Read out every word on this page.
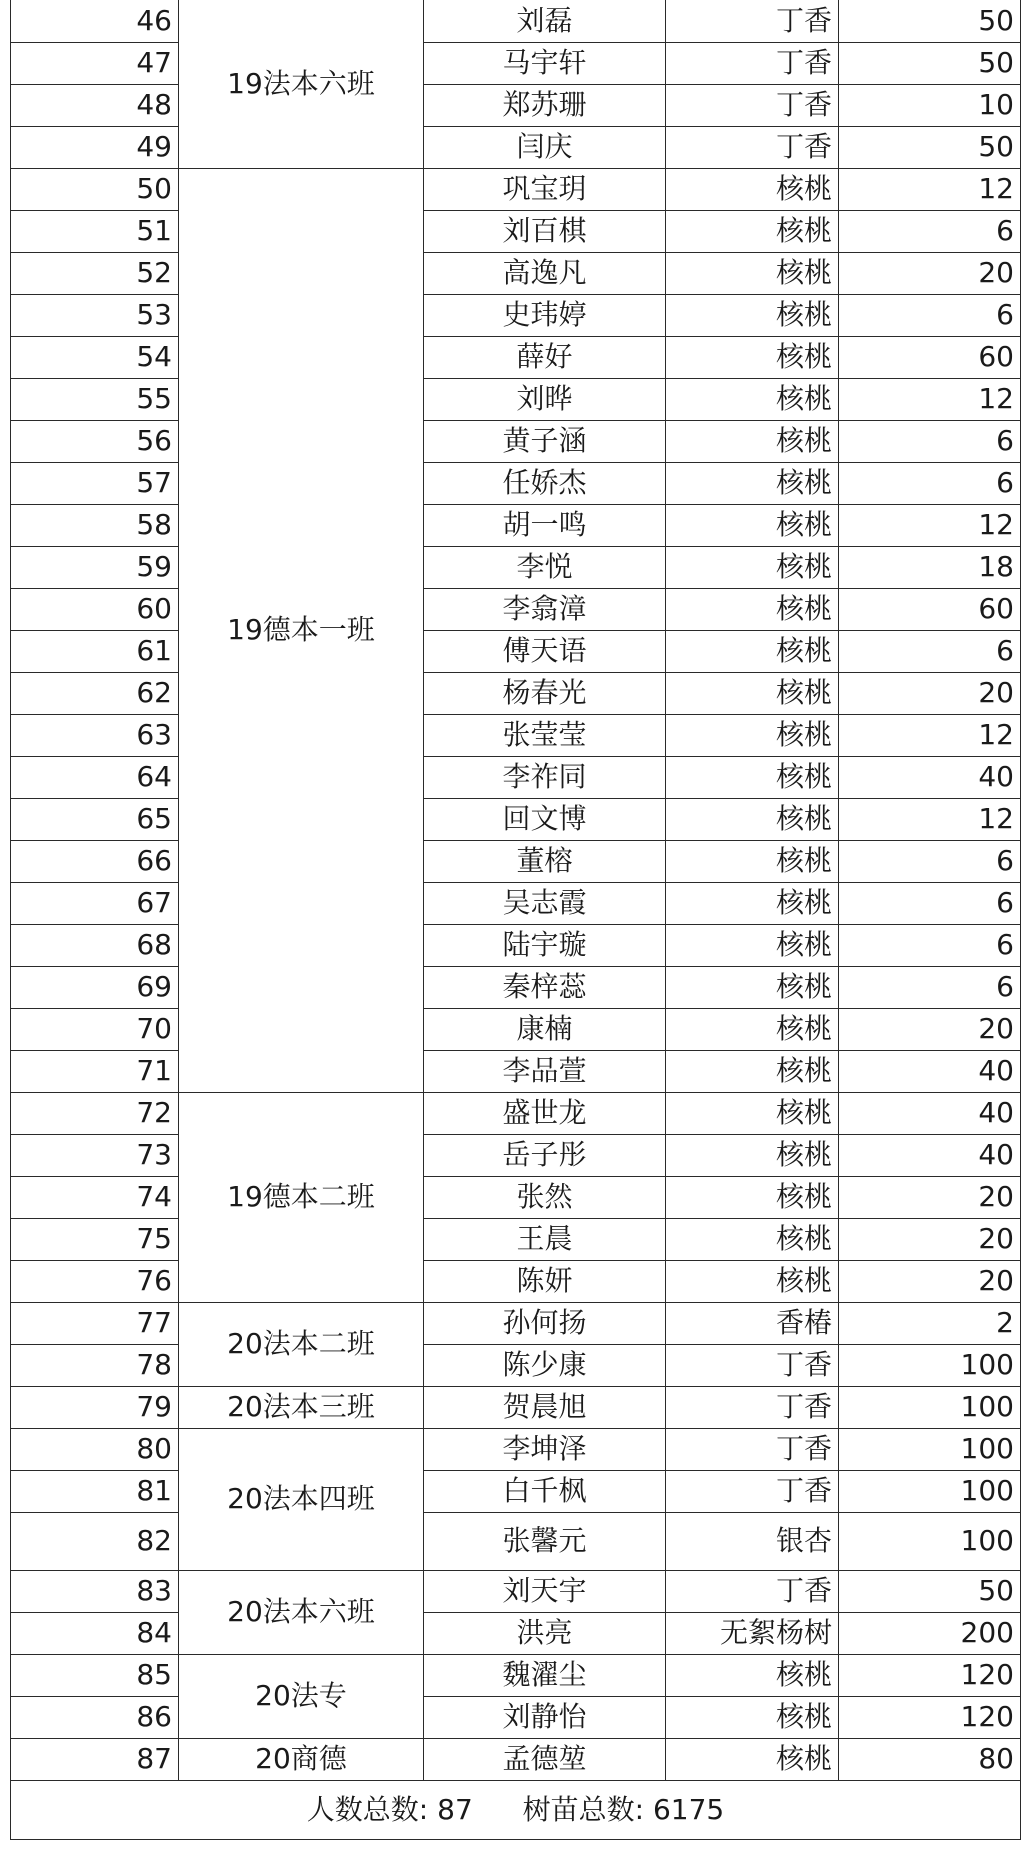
46	19法本六班	刘磊	丁香	50
47		马宇轩	丁香	50
48		郑苏珊	丁香	10
49		闫庆	丁香	50
50	19德本一班	巩宝玥	核桃	12
51		刘百棋	核桃	6
52		高逸凡	核桃	20
53		史玮婷	核桃	6
54		薛好	核桃	60
55		刘晔	核桃	12
56		黄子涵	核桃	6
57		任娇杰	核桃	6
58		胡一鸣	核桃	12
59		李悦	核桃	18
60		李翕漳	核桃	60
61		傅天语	核桃	6
62		杨春光	核桃	20
63		张莹莹	核桃	12
64		李祚同	核桃	40
65		回文博	核桃	12
66		董榕	核桃	6
67		吴志霞	核桃	6
68		陆宇璇	核桃	6
69		秦梓蕊	核桃	6
70		康楠	核桃	20
71		李品萱	核桃	40
72	19德本二班	盛世龙	核桃	40
73		岳子彤	核桃	40
74		张然	核桃	20
75		王晨	核桃	20
76		陈妍	核桃	20
77	20法本二班	孙何扬	香椿	2
78		陈少康	丁香	100
79	20法本三班	贺晨旭	丁香	100
80	20法本四班	李坤泽	丁香	100
81		白千枫	丁香	100
82		张馨元	银杏	100
83	20法本六班	刘天宇	丁香	50
84		洪亮	无絮杨树	200
85	20法专	魏濯尘	核桃	120
86		刘静怡	核桃	120
87	20商德	孟德堃	核桃	80
人数总数: 87 树苗总数: 6175				
